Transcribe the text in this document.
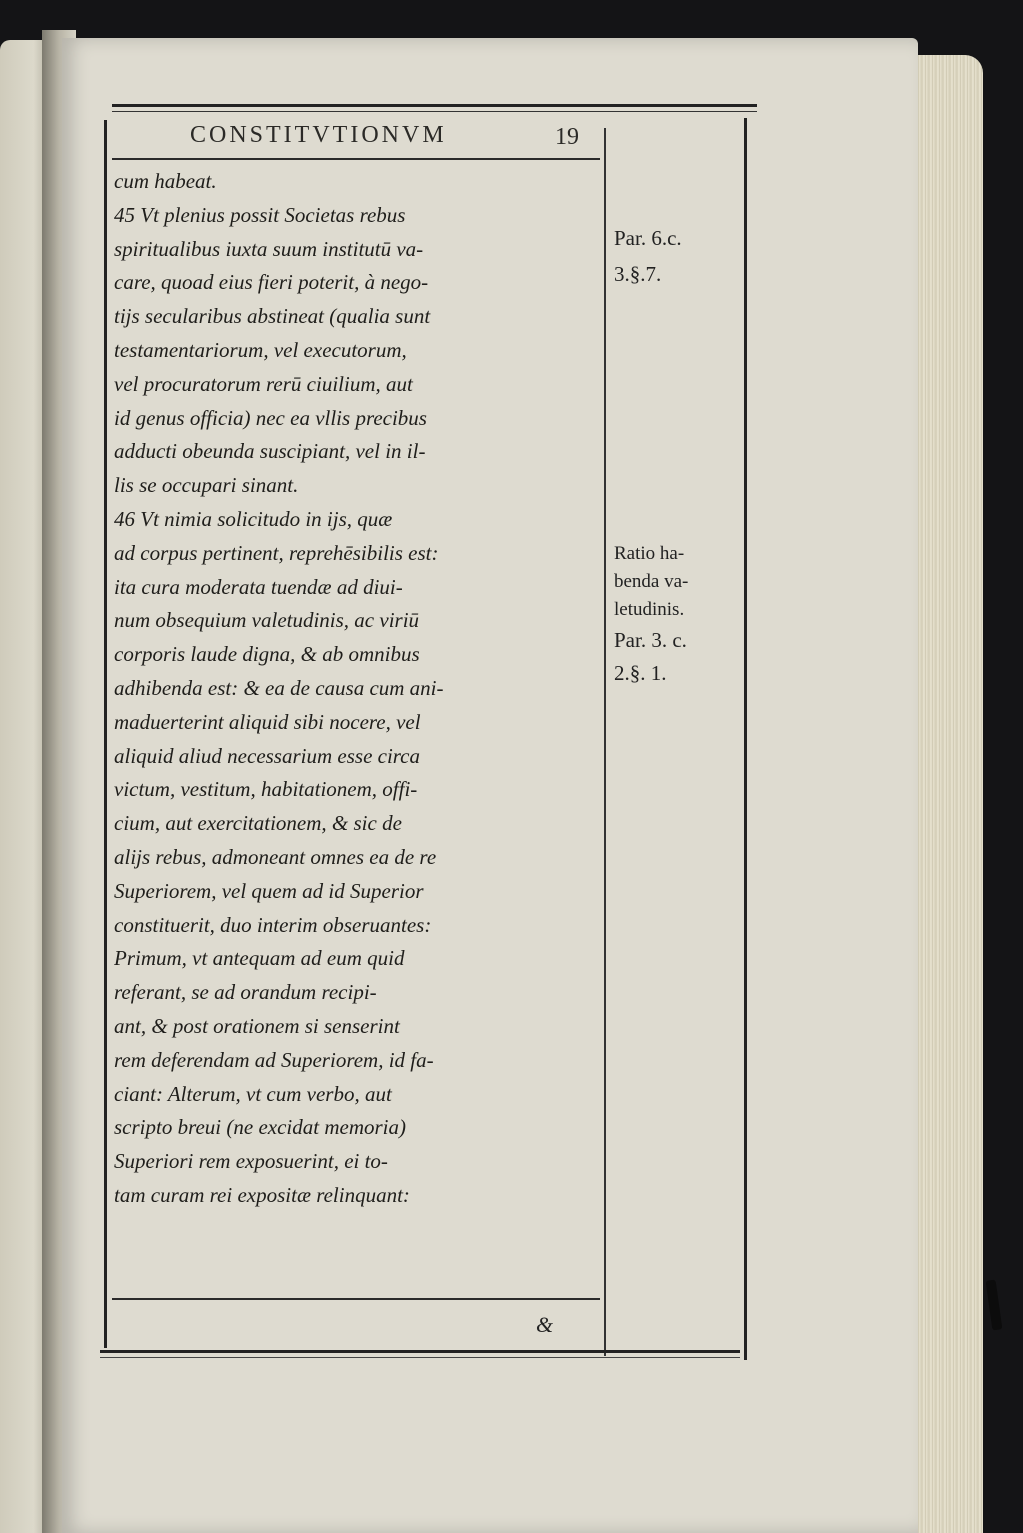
CONSTITVTIONVM	19
cum habeat.
45 Vt plenius possit Societas rebus
spiritualibus iuxta suum institutū va-
care, quoad eius fieri poterit, à nego-
tijs secularibus abstineat (qualia sunt
testamentariorum, vel executorum,
vel procuratorum rerū ciuilium, aut
id genus officia) nec ea vllis precibus
adducti obeunda suscipiant, vel in il-
lis se occupari sinant.
46 Vt nimia solicitudo in ijs, quæ
ad corpus pertinent, reprehēsibilis est:
ita cura moderata tuendæ ad diui-
num obsequium valetudinis, ac viriū
corporis laude digna, & ab omnibus
adhibenda est: & ea de causa cum ani-
maduerterint aliquid sibi nocere, vel
aliquid aliud necessarium esse circa
victum, vestitum, habitationem, offi-
cium, aut exercitationem, & sic de
alijs rebus, admoneant omnes ea de re
Superiorem, vel quem ad id Superior
constituerit, duo interim obseruantes:
Primum, vt antequam ad eum quid
referant, se ad orandum recipi-
ant, & post orationem si senserint
rem deferendam ad Superiorem, id fa-
ciant: Alterum, vt cum verbo, aut
scripto breui (ne excidat memoria)
Superiori rem exposuerint, ei to-
tam curam rei expositæ relinquant:
Par. 6.c.
3.§.7.
Ratio ha-
benda va-
letudinis.
Par. 3. c.
2.§. 1.
&
